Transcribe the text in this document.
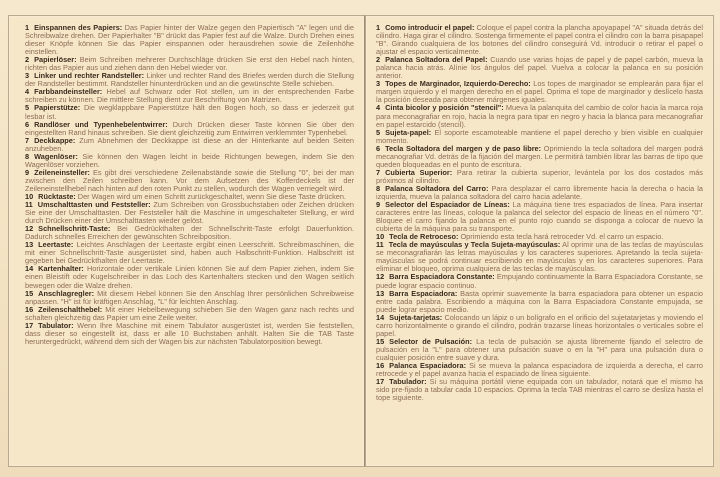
1 Einspannen des Papiers: Das Papier hinter der Walze gegen den Papiertisch "A" legen und die Schreibwalze drehen. Der Papierhalter "B" drückt das Papier fest auf die Walze. Durch Drehen eines dieser Knöpfe können Sie das Papier einspannen oder herausdrehen sowie die Zeilenhöhe einstellen.

2 Papierlöser: Beim Schreiben mehrerer Durchschläge drücken Sie erst den Hebel nach hinten, richten das Papier aus und ziehen dann den Hebel wieder vor.

3 Linker und rechter Randsteller: Linker und rechter Rand des Briefes werden durch die Stellung der Randsteller bestimmt. Randsteller hinunterdrücken und an die gewünschte Stelle schieben.

4 Farbbandeinsteller: Hebel auf Schwarz oder Rot stellen, um in der entsprechenden Farbe schreiben zu können. Die mittlere Stellung dient zur Beschriftung von Matrizen.

5 Papierstütze: Die wegklappbare Papierstütze hält den Bogen hoch, so dass er jederzeit gut lesbar ist.

6 Randlöser und Typenhebelentwirrer: Durch Drücken dieser Taste können Sie über den eingestellten Rand hinaus schreiben. Sie dient gleichzeitig zum Entwirren verklemmter Typenhebel.

7 Deckkappe: Zum Abnehmen der Deckkappe ist diese an der Hinterkante auf beiden Seiten anzuheben.

8 Wagenlöser: Sie können den Wagen leicht in beide Richtungen bewegen, indem Sie den Wagenlöser vorziehen.

9 Zeileneinsteller: Es gibt drei verschiedene Zeilenabstände sowie die Stellung "0", bei der man zwischen den Zeilen schreiben kann. Vor dem Aufsetzen des Kofferdeckels ist der Zeileneinstellhebel nach hinten auf den roten Punkt zu stellen, wodurch der Wagen verriegelt wird.

10 Rücktaste: Der Wagen wird um einen Schritt zurückgeschaltet, wenn Sie diese Taste drücken.

11 Umschalttasten und Feststeller: Zum Schreiben von Grossbuchstaben oder Zeichen drücken Sie eine der Umschalttasten. Der Feststeller hält die Maschine in umgeschalteter Stellung, er wird durch Drücken einer der Umschalttasten wieder gelöst.

12 Schnellschritt-Taste: Bei Gedrückthalten der Schnellschritt-Taste erfolgt Dauerfunktion. Dadurch schnelles Erreichen der gewünschten Schreibposition.

13 Leertaste: Leichtes Anschlagen der Leertaste ergibt einen Leerschritt. Schreibmaschinen, die mit einer Schnellschritt-Taste ausgerüstet sind, haben auch Halbschritt-Funktion. Halbschritt ist gegeben bei Gedrückthalten der Leertaste.

14 Kartenhalter: Horizontale oder vertikale Linien können Sie auf dem Papier ziehen, indem Sie einen Bleistift oder Kugelschreiber in das Loch des Kartenhalters stecken und den Wagen seitlich bewegen oder die Walze drehen.

15 Anschlagregler: Mit diesem Hebel können Sie den Anschlag Ihrer persönlichen Schreibweise anpassen. "H" ist für kräftigen Anschlag, "L" für leichten Anschlag.

16 Zeilenschalthebel: Mit einer Hebelbewegung schieben Sie den Wagen ganz nach rechts und schalten gleichzeitig das Papier um eine Zeile weiter.

17 Tabulator: Wenn Ihre Maschine mit einem Tabulator ausgerüstet ist, werden Sie feststellen, dass dieser so eingestellt ist, dass er alle 10 Buchstaben anhält. Halten Sie die TAB Taste heruntergedrückt, während dem sich der Wagen bis zur nächsten Tabulatorposition bewegt.

1 Como introducir el papel: Coloque el papel contra la plancha apoyapapel "A" situada detrás del cilindro. Haga girar el cilindro. Sostenga firmemente el papel contra el cilindro con la barra pisapapel "B". Girando cualquiera de los botones del cilindro conseguirá Vd. introducir o retirar el papel o ajustar el espacio verticalmente.

2 Palanca Soltadora del Papel: Cuando use varias hojas de papel y de papel carbón, mueva la palanca hacia atrás. Alínie los ángulos del papel. Vuelva a colocar la palanca en su posición anterior.

3 Topes de Marginador, Izquierdo-Derecho: Los topes de marginador se emplearán para fijar el margen izquierdo y el margen derecho en el papel. Oprima el tope de marginador y deslícelo hasta la posición deseada para obtener márgenes iguales.

4 Cinta bicolor y posición "stencil": Mueva la palanquita del cambio de color hacia la marca roja para meconagrafiar en rojo, hacia la negra para tipar en negro y hacia la blanca para mecanografiar en papel estarcido (stencil).

5 Sujeta-papel: El soporte escamoteable mantiene el papel derecho y bien visible en cualquier momento.

6 Tecla Soltadora del margen y de paso libre: Oprimiendo la tecla soltadora del margen podrá mecanografiar Vd. detrás de la fijación del margen. Le permitirá también librar las barras de tipo que queden bloqueadas en el punto de escritura.

7 Cubierta Superior: Para retirar la cubierta superior, levántela por los dos costados más próximos al cilindro.

8 Palanca Soltadora del Carro: Para desplazar el carro libremente hacia la derecha o hacia la izquierda, mueva la palanca soltadora del carro hacia adelante.

9 Selector del Espaciador de Líneas: La máquina tiene tres espaciados de línea. Para insertar caracteres entre las líneas, coloque la palanca del selector del espacio de líneas en el número "0". Bloquee el carro fijando la palanca en el punto rojo cuando se disponga a colocar de nuevo la cubierta de la máquina para su transporte.

10 Tecla de Retroceso: Oprimiendo esta tecla hará retroceder Vd. el carro un espacio.

11 Tecla de mayúsculas y Tecla Sujeta-mayúsculas: Al oprimir una de las teclas de mayúsculas se meconagrafiarán las letras mayúsculas y los caracteres superiores. Apretando la tecla sujeta-mayúsculas se podrá continuar escribiendo en mayúsculas y en los caracteres superiores. Para eliminar el bloqueo, oprima cualquiera de las teclas de mayúsculas.

12 Barra Espaciadora Constante: Empujando continuamente la Barra Espaciadora Constante, se puede lograr espacio continuo.

13 Barra Espaciadora: Basta oprimir suavemente la barra espaciadora para obtener un espacio entre cada palabra. Escribiendo a máquina con la Barra Espaciadora Constante empujada, se puede lograr espacio medio.

14 Sujeta-tarjetas: Colocando un lápiz o un bolígrafo en el orificio del sujetatarjetas y moviendo el carro horizontalmente o girando el cilindro, podrán trazarse líneas horizontales o verticales sobre el papel.

15 Selector de Pulsación: La tecla de pulsación se ajusta libremente fijando el selectro de pulsación en la "L" para obtener una pulsación suave o en la "H" para una pulsación dura o cualquier posición entre suave y dura.

16 Palanca Espaciadora: Si se mueva la palanca espaciadora de izquierda a derecha, el carro retrocede y el papel avanza hacia el espaciado de línea siguiente.

17 Tabulador: Si su máquina portátil viene equipada con un tabulador, notará que el mismo ha sido pre-fijado a tabular cada 10 espacios. Oprima la tecla TAB mientras el carro se desliza hasta el tope siguiente.
